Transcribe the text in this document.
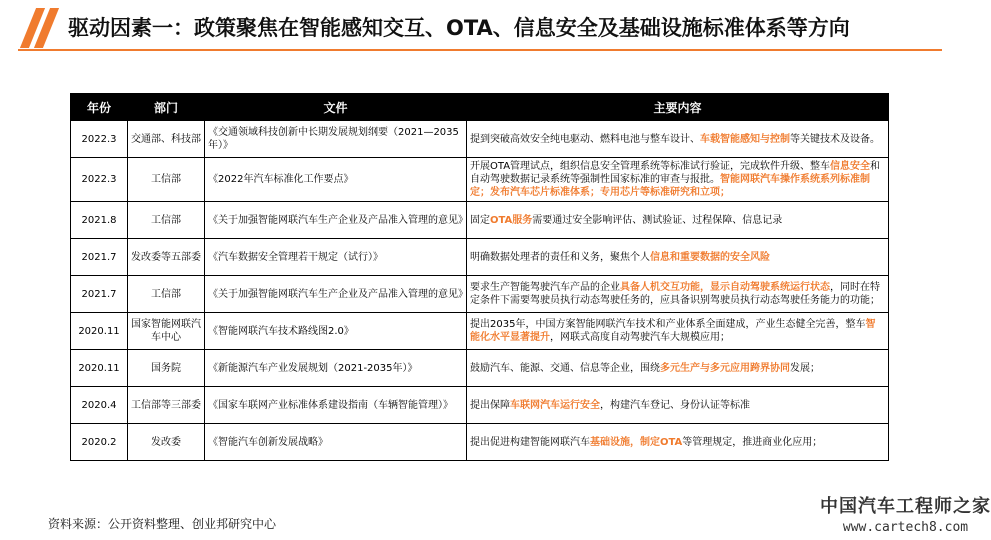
驱动因素一：政策聚焦在智能感知交互、OTA、信息安全及基础设施标准体系等方向
年份	部门	文件	主要内容
2022.3	交通部、科技部	《交通领域科技创新中长期发展规划纲要（2021—2035年）》	提到突破高效安全纯电驱动、燃料电池与整车设计、车载智能感知与控制等关键技术及设备。
2022.3	工信部	《2022年汽车标准化工作要点》	开展OTA管理试点，组织信息安全管理系统等标准试行验证，完成软件升级、整车信息安全和自动驾驶数据记录系统等强制性国家标准的审查与报批。智能网联汽车操作系统系列标准制定；发布汽车芯片标准体系；专用芯片等标准研究和立项；
2021.8	工信部	《关于加强智能网联汽车生产企业及产品准入管理的意见》	固定OTA服务需要通过安全影响评估、测试验证、过程保障、信息记录
2021.7	发改委等五部委	《汽车数据安全管理若干规定（试行）》	明确数据处理者的责任和义务，聚焦个人信息和重要数据的安全风险
2021.7	工信部	《关于加强智能网联汽车生产企业及产品准入管理的意见》	要求生产智能驾驶汽车产品的企业具备人机交互功能，显示自动驾驶系统运行状态，同时在特定条件下需要驾驶员执行动态驾驶任务的，应具备识别驾驶员执行动态驾驶任务能力的功能；
2020.11	国家智能网联汽车中心	《智能网联汽车技术路线图2.0》	提出2035年，中国方案智能网联汽车技术和产业体系全面建成，产业生态健全完善，整车智能化水平显著提升，网联式高度自动驾驶汽车大规模应用；
2020.11	国务院	《新能源汽车产业发展规划（2021-2035年）》	鼓励汽车、能源、交通、信息等企业，围绕多元生产与多元应用跨界协同发展；
2020.4	工信部等三部委	《国家车联网产业标准体系建设指南（车辆智能管理）》	提出保障车联网汽车运行安全，构建汽车登记、身份认证等标准
2020.2	发改委	《智能汽车创新发展战略》	提出促进构建智能网联汽车基础设施，制定OTA等管理规定，推进商业化应用；
资料来源：公开资料整理、创业邦研究中心
中国汽车工程师之家
www.cartech8.com
